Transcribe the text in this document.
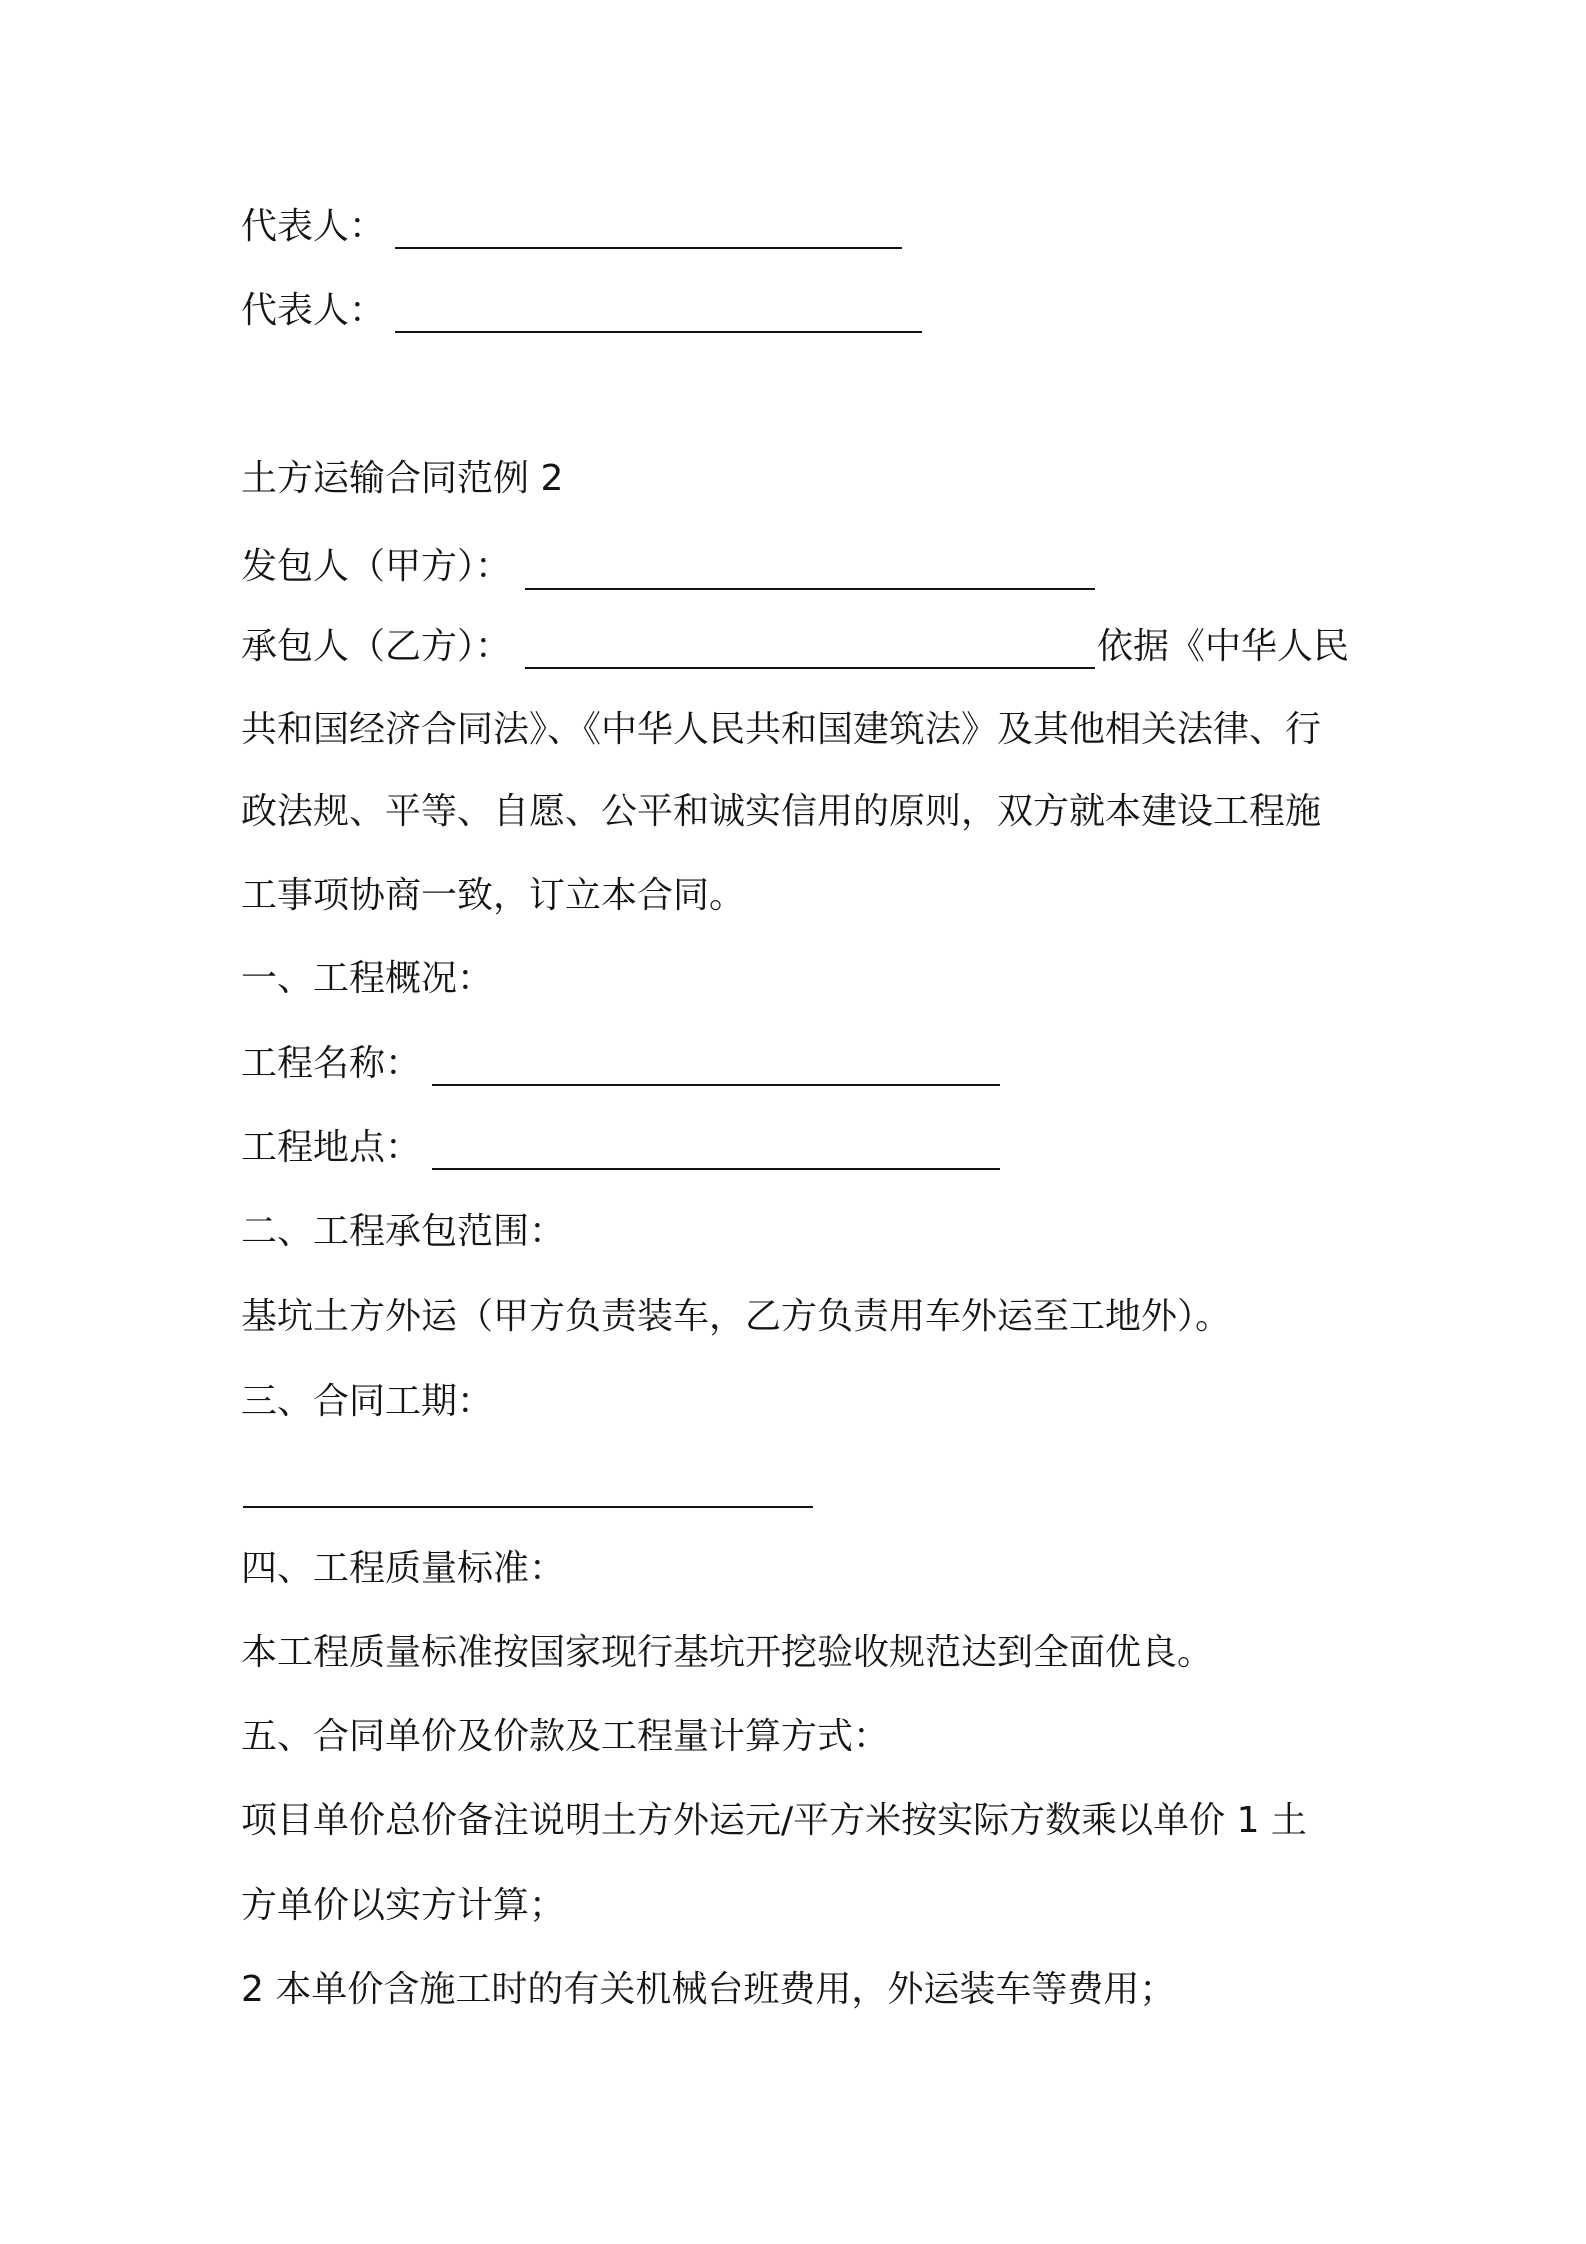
代表人：
代表人：
土方运输合同范例 2
发包人（甲方）：
承包人（乙方）：	依据《中华人民
共和国经济合同法》、《中华人民共和国建筑法》及其他相关法律、行
政法规、平等、自愿、公平和诚实信用的原则，双方就本建设工程施
工事项协商一致，订立本合同。
一、工程概况：
工程名称：
工程地点：
二、工程承包范围：
基坑土方外运（甲方负责装车，乙方负责用车外运至工地外）。
三、合同工期：
四、工程质量标准：
本工程质量标准按国家现行基坑开挖验收规范达到全面优良。
五、合同单价及价款及工程量计算方式：
项目单价总价备注说明土方外运元/平方米按实际方数乘以单价 1 土
方单价以实方计算；
2 本单价含施工时的有关机械台班费用，外运装车等费用；
